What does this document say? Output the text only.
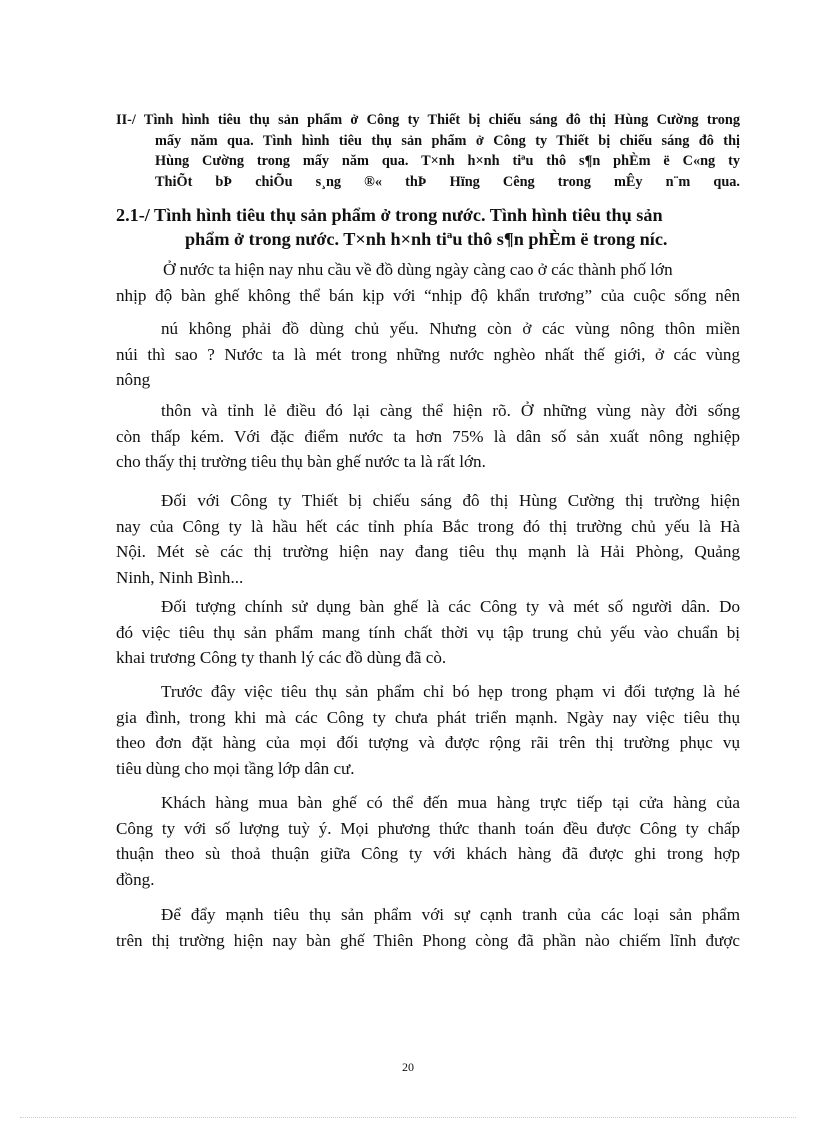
II-/ Tình hình tiêu thụ sản phẩm ở Công ty Thiết bị chiếu sáng đô thị Hùng Cường trong
mấy năm qua. Tình hình tiêu thụ sản phẩm ở Công ty Thiết bị chiếu sáng đô thị
Hùng Cường trong mấy năm qua. T×nh h×nh tiªu thô s¶n phÈm ë C«ng ty
ThiÕt bÞ chiÕu s¸ng ®« thÞ Hïng Cêng trong mÊy n¨m qua.
2.1-/ Tình hình tiêu thụ sản phẩm ở trong nước. Tình hình tiêu thụ sản
phẩm ở trong nước. T×nh h×nh tiªu thô s¶n phÈm ë trong níc.
Ở nước ta hiện nay nhu cầu về đồ dùng ngày càng cao ở các thành phố lớn
nhịp độ bàn ghế không thể bán kịp với “nhịp độ khẩn trương” của cuộc sống nên
nú không phải đồ dùng chủ yếu. Nhưng còn ở các vùng nông thôn miền
núi thì sao ? Nước ta là mét trong những nước nghèo nhất thế giới, ở các vùng
nông
thôn và tỉnh lẻ điều đó lại càng thể hiện rõ. Ở những vùng này đời sống
còn thấp kém. Với đặc điểm nước ta hơn 75% là dân số sản xuất nông nghiệp
cho thấy thị trường tiêu thụ bàn ghế nước ta là rất lớn.
Đối với Công ty Thiết bị chiếu sáng đô thị Hùng Cường thị trường hiện
nay của Công ty là hầu hết các tỉnh phía Bắc trong đó thị trường chủ yếu là Hà
Nội. Mét sè các thị trường hiện nay đang tiêu thụ mạnh là Hải Phòng, Quảng
Ninh, Ninh Bình...
Đối tượng chính sử dụng bàn ghế là các Công ty và mét số người dân. Do
đó việc tiêu thụ sản phẩm mang tính chất thời vụ tập trung chủ yếu vào chuẩn bị
khai trương Công ty thanh lý các đồ dùng đã cò.
Trước đây việc tiêu thụ sản phẩm chỉ bó hẹp trong phạm vi đối tượng là hé
gia đình, trong khi mà các Công ty chưa phát triển mạnh. Ngày nay việc tiêu thụ
theo đơn đặt hàng của mọi đối tượng và được rộng rãi trên thị trường phục vụ
tiêu dùng cho mọi tầng lớp dân cư.
Khách hàng mua bàn ghế có thể đến mua hàng trực tiếp tại cửa hàng của
Công ty với số lượng tuỳ ý. Mọi phương thức thanh toán đều được Công ty chấp
thuận theo sù thoả thuận giữa Công ty với khách hàng đã được ghi trong hợp
đồng.
Để đẩy mạnh tiêu thụ sản phẩm với sự cạnh tranh của các loại sản phẩm
trên thị trường hiện nay bàn ghế Thiên Phong còng đã phần nào chiếm lĩnh được
20
